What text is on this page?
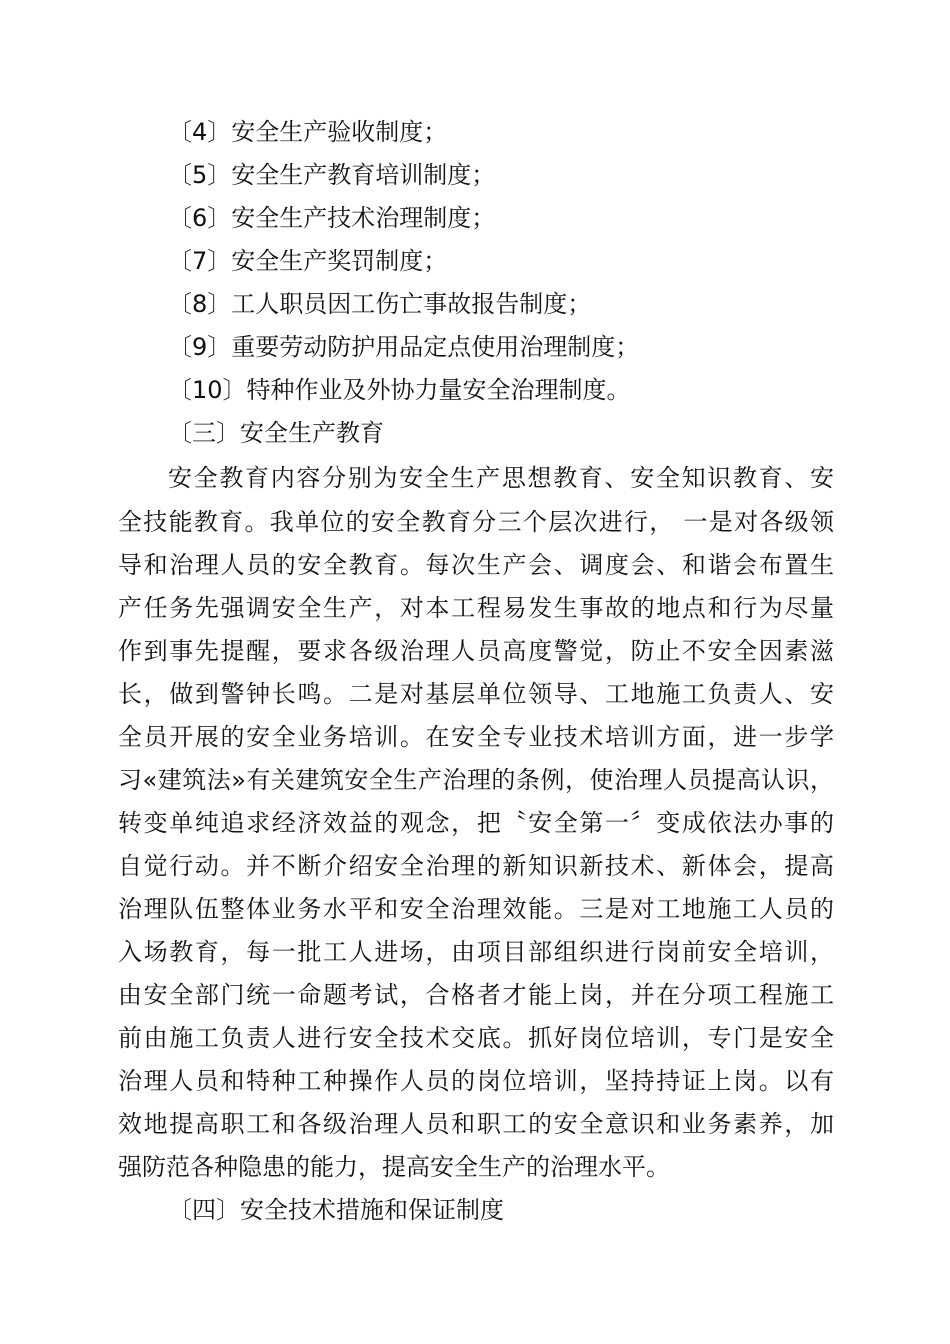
〔4〕安全生产验收制度；
〔5〕安全生产教育培训制度；
〔6〕安全生产技术治理制度；
〔7〕安全生产奖罚制度；
〔8〕工人职员因工伤亡事故报告制度；
〔9〕重要劳动防护用品定点使用治理制度；
〔10〕特种作业及外协力量安全治理制度。
〔三〕安全生产教育
安全教育内容分别为安全生产思想教育、安全知识教育、安
全技能教育。我单位的安全教育分三个层次进行， 一是对各级领
导和治理人员的安全教育。每次生产会、调度会、和谐会布置生
产任务先强调安全生产，对本工程易发生事故的地点和行为尽量
作到事先提醒，要求各级治理人员高度警觉，防止不安全因素滋
长，做到警钟长鸣。二是对基层单位领导、工地施工负责人、安
全员开展的安全业务培训。在安全专业技术培训方面，进一步学
习«建筑法»有关建筑安全生产治理的条例，使治理人员提高认识，
转变单纯追求经济效益的观念，把〝安全第一〞变成依法办事的
自觉行动。并不断介绍安全治理的新知识新技术、新体会，提高
治理队伍整体业务水平和安全治理效能。三是对工地施工人员的
入场教育，每一批工人进场，由项目部组织进行岗前安全培训，
由安全部门统一命题考试，合格者才能上岗，并在分项工程施工
前由施工负责人进行安全技术交底。抓好岗位培训，专门是安全
治理人员和特种工种操作人员的岗位培训，坚持持证上岗。以有
效地提高职工和各级治理人员和职工的安全意识和业务素养，加
强防范各种隐患的能力，提高安全生产的治理水平。
〔四〕安全技术措施和保证制度
